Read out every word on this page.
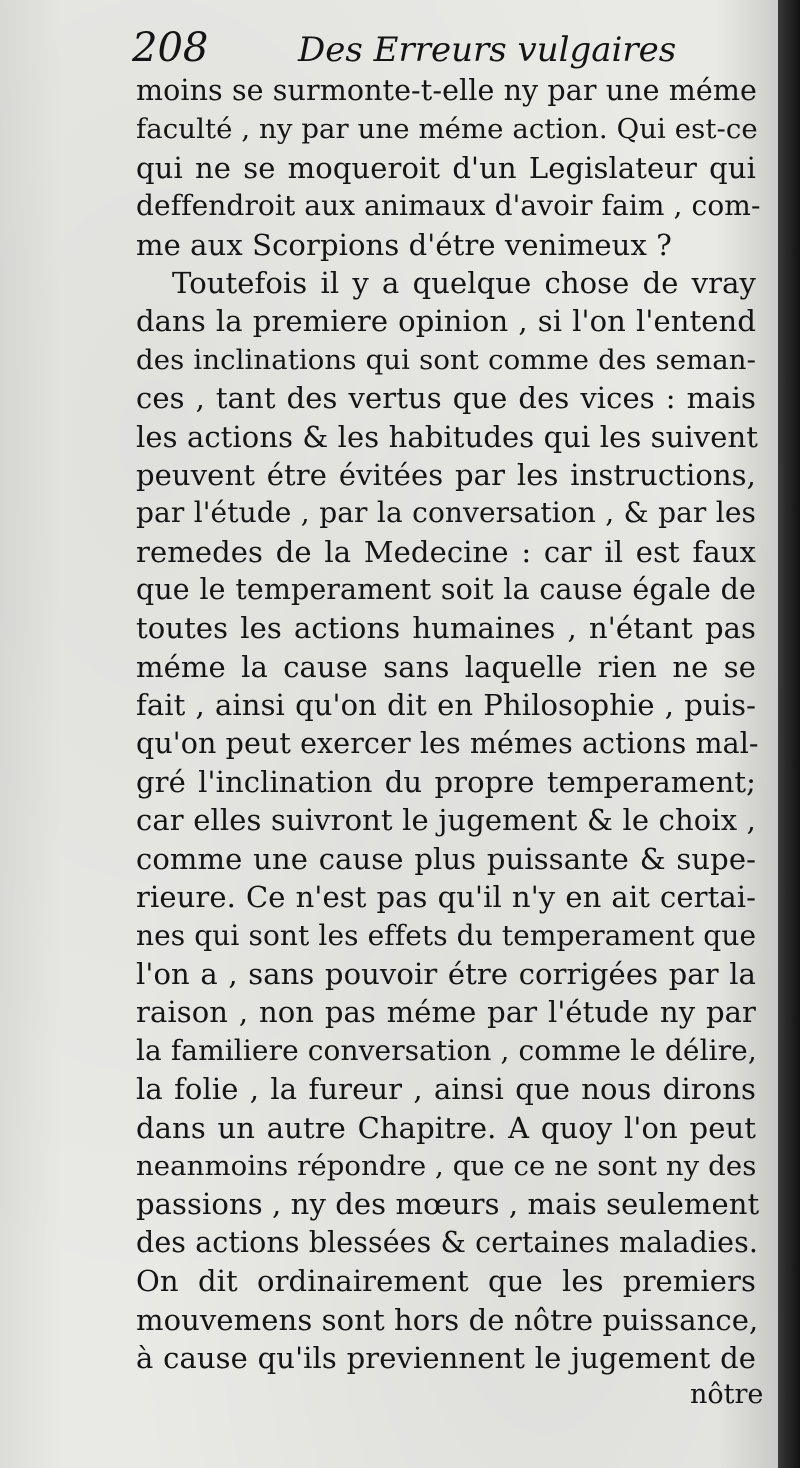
208	Des Erreurs vulgaires
moins se surmonte-t-elle ny par une méme
faculté , ny par une méme action. Qui est-ce
qui ne se moqueroit d'un Legislateur qui
deffendroit aux animaux d'avoir faim , com-
me aux Scorpions d'étre venimeux ?
Toutefois il y a quelque chose de vray
dans la premiere opinion , si l'on l'entend
des inclinations qui sont comme des seman-
ces , tant des vertus que des vices : mais
les actions & les habitudes qui les suivent
peuvent étre évitées par les instructions,
par l'étude , par la conversation , & par les
remedes de la Medecine : car il est faux
que le temperament soit la cause égale de
toutes les actions humaines , n'étant pas
méme la cause sans laquelle rien ne se
fait , ainsi qu'on dit en Philosophie , puis-
qu'on peut exercer les mémes actions mal-
gré l'inclination du propre temperament;
car elles suivront le jugement & le choix ,
comme une cause plus puissante & supe-
rieure. Ce n'est pas qu'il n'y en ait certai-
nes qui sont les effets du temperament que
l'on a , sans pouvoir étre corrigées par la
raison , non pas méme par l'étude ny par
la familiere conversation , comme le délire,
la folie , la fureur , ainsi que nous dirons
dans un autre Chapitre. A quoy l'on peut
neanmoins répondre , que ce ne sont ny des
passions , ny des mœurs , mais seulement
des actions blessées & certaines maladies.
On dit ordinairement que les premiers
mouvemens sont hors de nôtre puissance,
à cause qu'ils previennent le jugement de
nôtre
